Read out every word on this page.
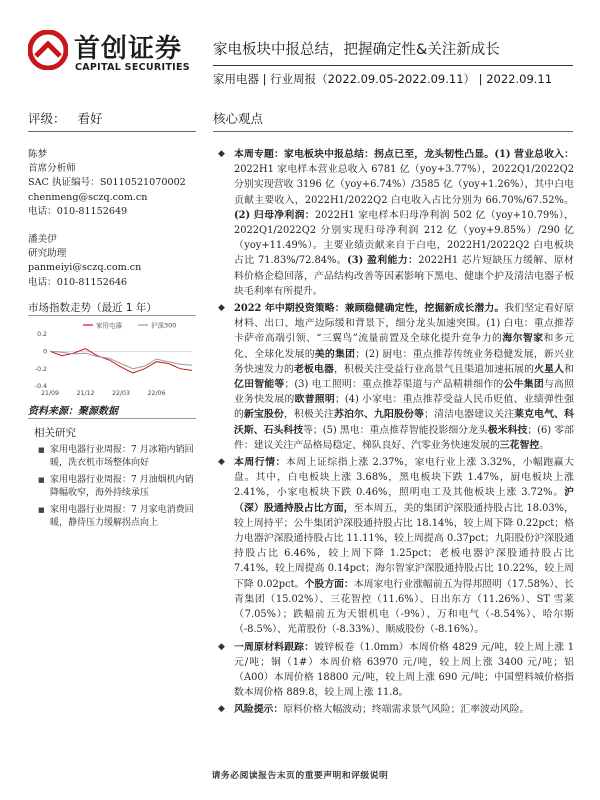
首创证券
CAPITAL SECURITIES
家电板块中报总结，把握确定性&关注新成长
家用电器 | 行业周报（2022.09.05-2022.09.11） | 2022.09.11
评级： 看好	核心观点
陈梦
首席分析师
SAC 执证编号：S0110521070002
chenmeng@sczq.com.cn
电话：010-81152649
潘美伊
研究助理
panmeiyi@sczq.com.cn
电话：010-81152646
市场指数走势（最近 1 年）
家用电器	沪深300
0.2
0
-0.2
-0.4
21/09	21/12	22/03	22/06
资料来源：聚源数据
相关研究
■ 家用电器行业周报：7 月冰箱内销回暖，洗衣机市场整体向好
■ 家用电器行业周报：7 月油烟机内销降幅收窄，海外持续承压
■ 家用电器行业周报：7 月家电消费回暖，静待压力缓解拐点向上
◆ 本周专题：家电板块中报总结：拐点已至，龙头韧性凸显。(1) 营业总收入：2022H1 家电样本营业总收入 6781 亿（yoy+3.77%），2022Q1/2022Q2 分别实现营收 3196 亿（yoy+6.74%）/3585 亿（yoy+1.26%），其中白电贡献主要收入，2022H1/2022Q2 白电收入占比分别为 66.70%/67.52%。(2) 归母净利润：2022H1 家电样本归母净利润 502 亿（yoy+10.79%），2022Q1/2022Q2 分别实现归母净利润 212 亿（yoy+9.85%）/290 亿（yoy+11.49%）。主要业绩贡献来自于白电，2022H1/2022Q2 白电板块占比 71.83%/72.84%。(3) 盈利能力：2022H1 芯片短缺压力缓解、原材料价格企稳回落，产品结构改善等因素影响下黑电、健康个护及清洁电器子板块毛利率有所提升。
◆ 2022 年中期投资策略：兼顾稳健确定性，挖掘新成长潜力。我们坚定看好原材料、出口、地产边际缓和背景下，细分龙头加速突围。(1) 白电：重点推荐卡萨帝高端引领、“三翼鸟”流量前置及全球化提升竞争力的海尔智家和多元化、全球化发展的美的集团；(2) 厨电：重点推荐传统业务稳健发展，新兴业务快速发力的老板电器，积极关注受益行业高景气且渠道加速拓展的火星人和亿田智能等；(3) 电工照明：重点推荐渠道与产品精耕细作的公牛集团与高照业务快发展的欧普照明；(4) 小家电：重点推荐受益人民币贬值、业绩弹性强的新宝股份，积极关注苏泊尔、九阳股份等；清洁电器建议关注莱克电气、科沃斯、石头科技等；(5) 黑电：重点推荐智能投影细分龙头极米科技；(6) 零部件：建议关注产品格局稳定、梯队良好、汽零业务快速发展的三花智控。
◆ 本周行情：本周上证综指上涨 2.37%，家电行业上涨 3.32%，小幅跑赢大盘。其中，白电板块上涨 3.68%，黑电板块下跌 1.47%，厨电板块上涨 2.41%，小家电板块下跌 0.46%，照明电工及其他板块上涨 3.72%。沪（深）股通持股占比方面，至本周五，美的集团沪深股通持股占比 18.03%，较上周持平；公牛集团沪深股通持股占比 18.14%，较上周下降 0.22pct；格力电器沪深股通持股占比 11.11%，较上周提高 0.37pct；九阳股份沪深股通持股占比 6.46%，较上周下降 1.25pct；老板电器沪深股通持股占比 7.41%，较上周提高 0.14pct；海尔智家沪深股通持股占比 10.22%，较上周下降 0.02pct。个股方面：本周家电行业涨幅前五为得邦照明（17.58%）、长青集团（15.02%）、三花智控（11.6%）、日出东方（11.26%）、ST 雪莱（7.05%）；跌幅前五为天银机电（-9%）、万和电气（-8.54%）、哈尔斯（-8.5%）、光莆股份（-8.33%）、顺威股份（-8.16%）。
◆ 一周原材料跟踪：镀锌板卷（1.0mm）本周价格 4829 元/吨，较上周上涨 1 元/吨；铜（1#）本周价格 63970 元/吨，较上周上涨 3400 元/吨；铝（A00）本周价格 18800 元/吨，较上周上涨 690 元/吨；中国塑料城价格指数本周价格 889.8，较上周上涨 11.8。
◆ 风险提示：原料价格大幅波动；终端需求景气风险；汇率波动风险。
请务必阅读报告末页的重要声明和评级说明
